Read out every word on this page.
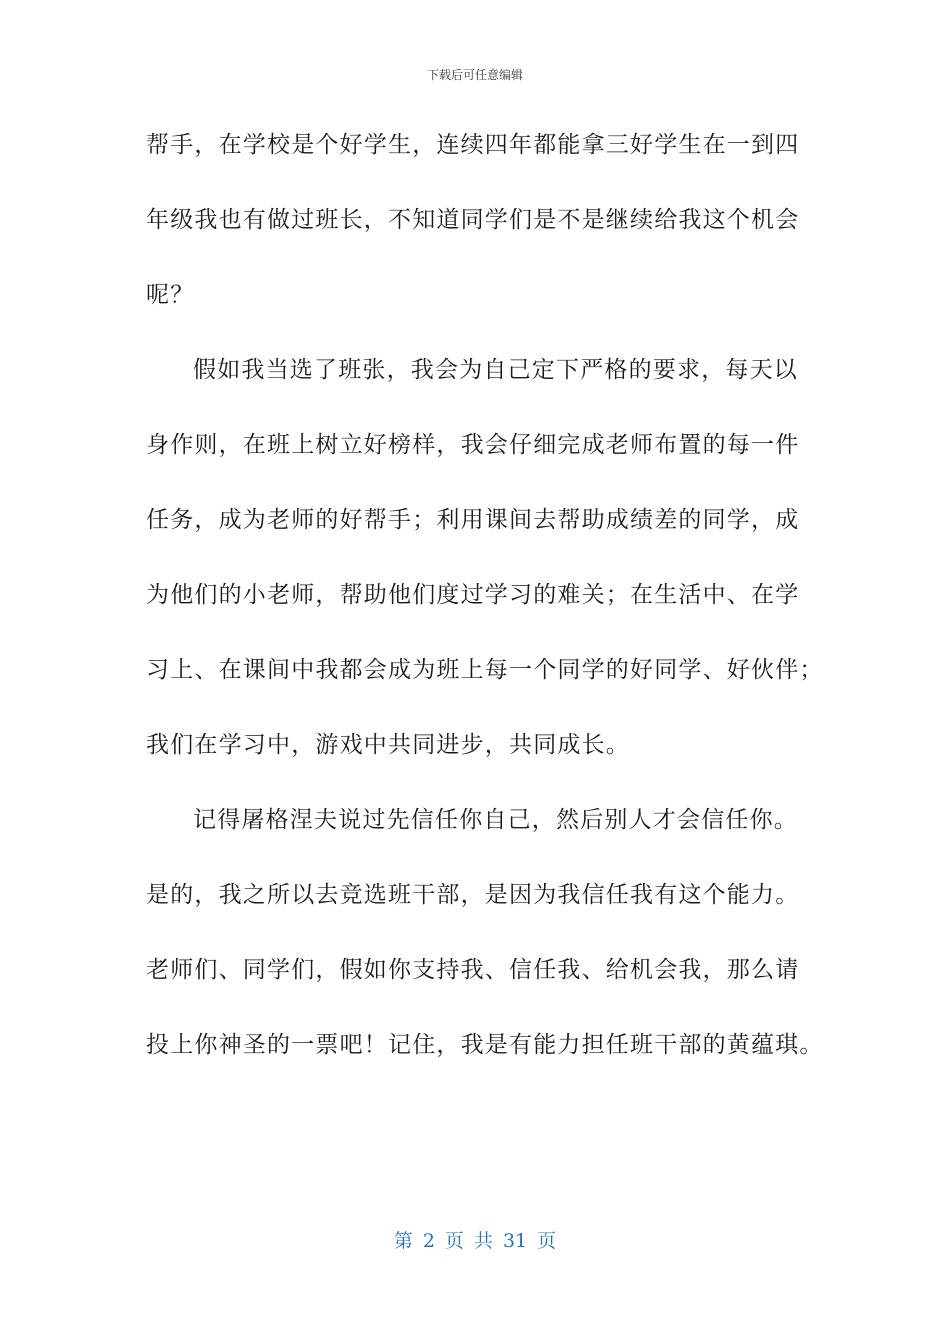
下载后可任意编辑
帮手，在学校是个好学生，连续四年都能拿三好学生在一到四
年级我也有做过班长，不知道同学们是不是继续给我这个机会
呢？
假如我当选了班张，我会为自己定下严格的要求，每天以
身作则，在班上树立好榜样，我会仔细完成老师布置的每一件
任务，成为老师的好帮手；利用课间去帮助成绩差的同学，成
为他们的小老师，帮助他们度过学习的难关；在生活中、在学
习上、在课间中我都会成为班上每一个同学的好同学、好伙伴；
我们在学习中，游戏中共同进步，共同成长。
记得屠格涅夫说过先信任你自己，然后别人才会信任你。
是的，我之所以去竞选班干部，是因为我信任我有这个能力。
老师们、同学们，假如你支持我、信任我、给机会我，那么请
投上你神圣的一票吧！记住，我是有能力担任班干部的黄蕴琪。
第 2 页 共 31 页
